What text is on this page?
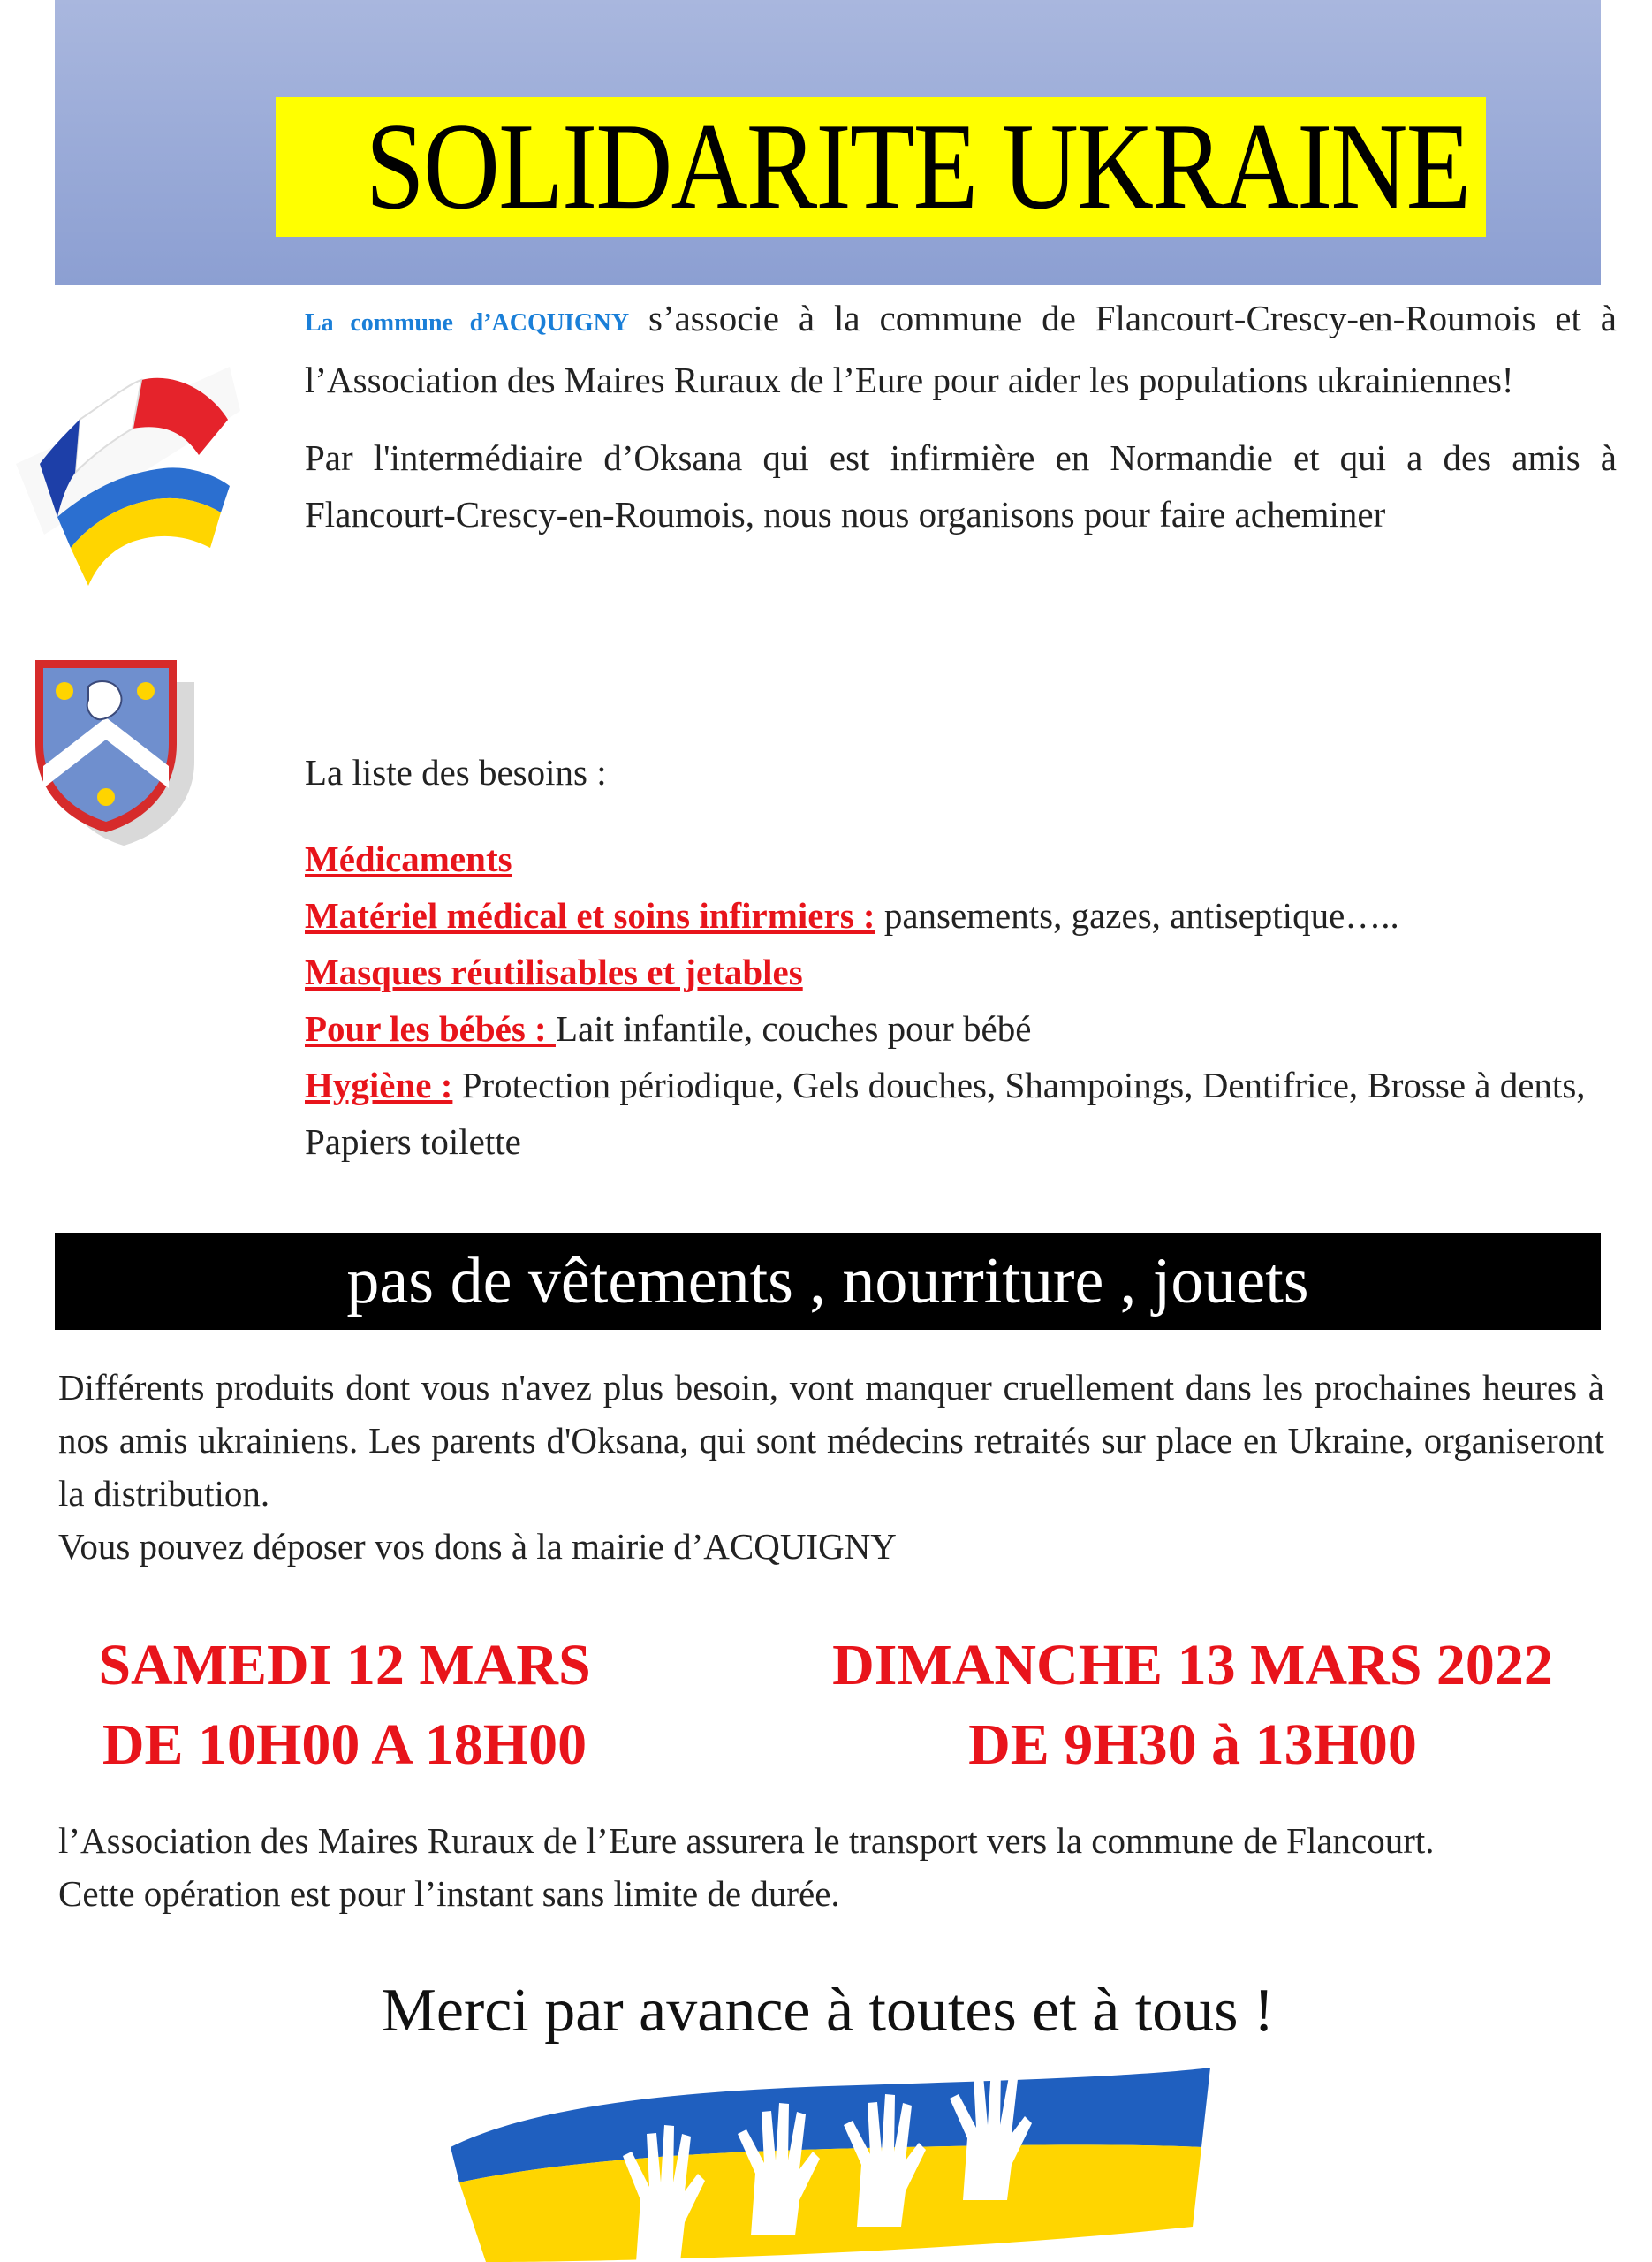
SOLIDARITE UKRAINE

La commune d’ACQUIGNY s’associe à la commune de Flancourt-Crescy-en-Roumois et à l’Association des Maires Ruraux de l’Eure pour aider les populations ukrainiennes!

Par l'intermédiaire d’Oksana qui est infirmière en Normandie et qui a des amis à Flancourt-Crescy-en-Roumois, nous nous organisons pour faire acheminer

La liste des besoins :
Médicaments
Matériel médical et soins infirmiers : pansements, gazes, antiseptique…..
Masques réutilisables et jetables
Pour les bébés : Lait infantile, couches pour bébé
Hygiène : Protection périodique, Gels douches, Shampoings, Dentifrice, Brosse à dents, Papiers toilette
pas de vêtements , nourriture , jouets

Différents produits dont vous n'avez plus besoin, vont manquer cruellement dans les prochaines heures à nos amis ukrainiens. Les parents d'Oksana, qui sont médecins retraités sur place en Ukraine, organiseront la distribution.

Vous pouvez déposer vos dons à la mairie d’ACQUIGNY

SAMEDI 12 MARS
DE 10H00 A 18H00
DIMANCHE 13 MARS 2022
DE 9H30 à 13H00

l’Association des Maires Ruraux de l’Eure assurera le transport vers la commune de Flancourt.

Cette opération est pour l’instant sans limite de durée.

Merci par avance à toutes et à tous !
